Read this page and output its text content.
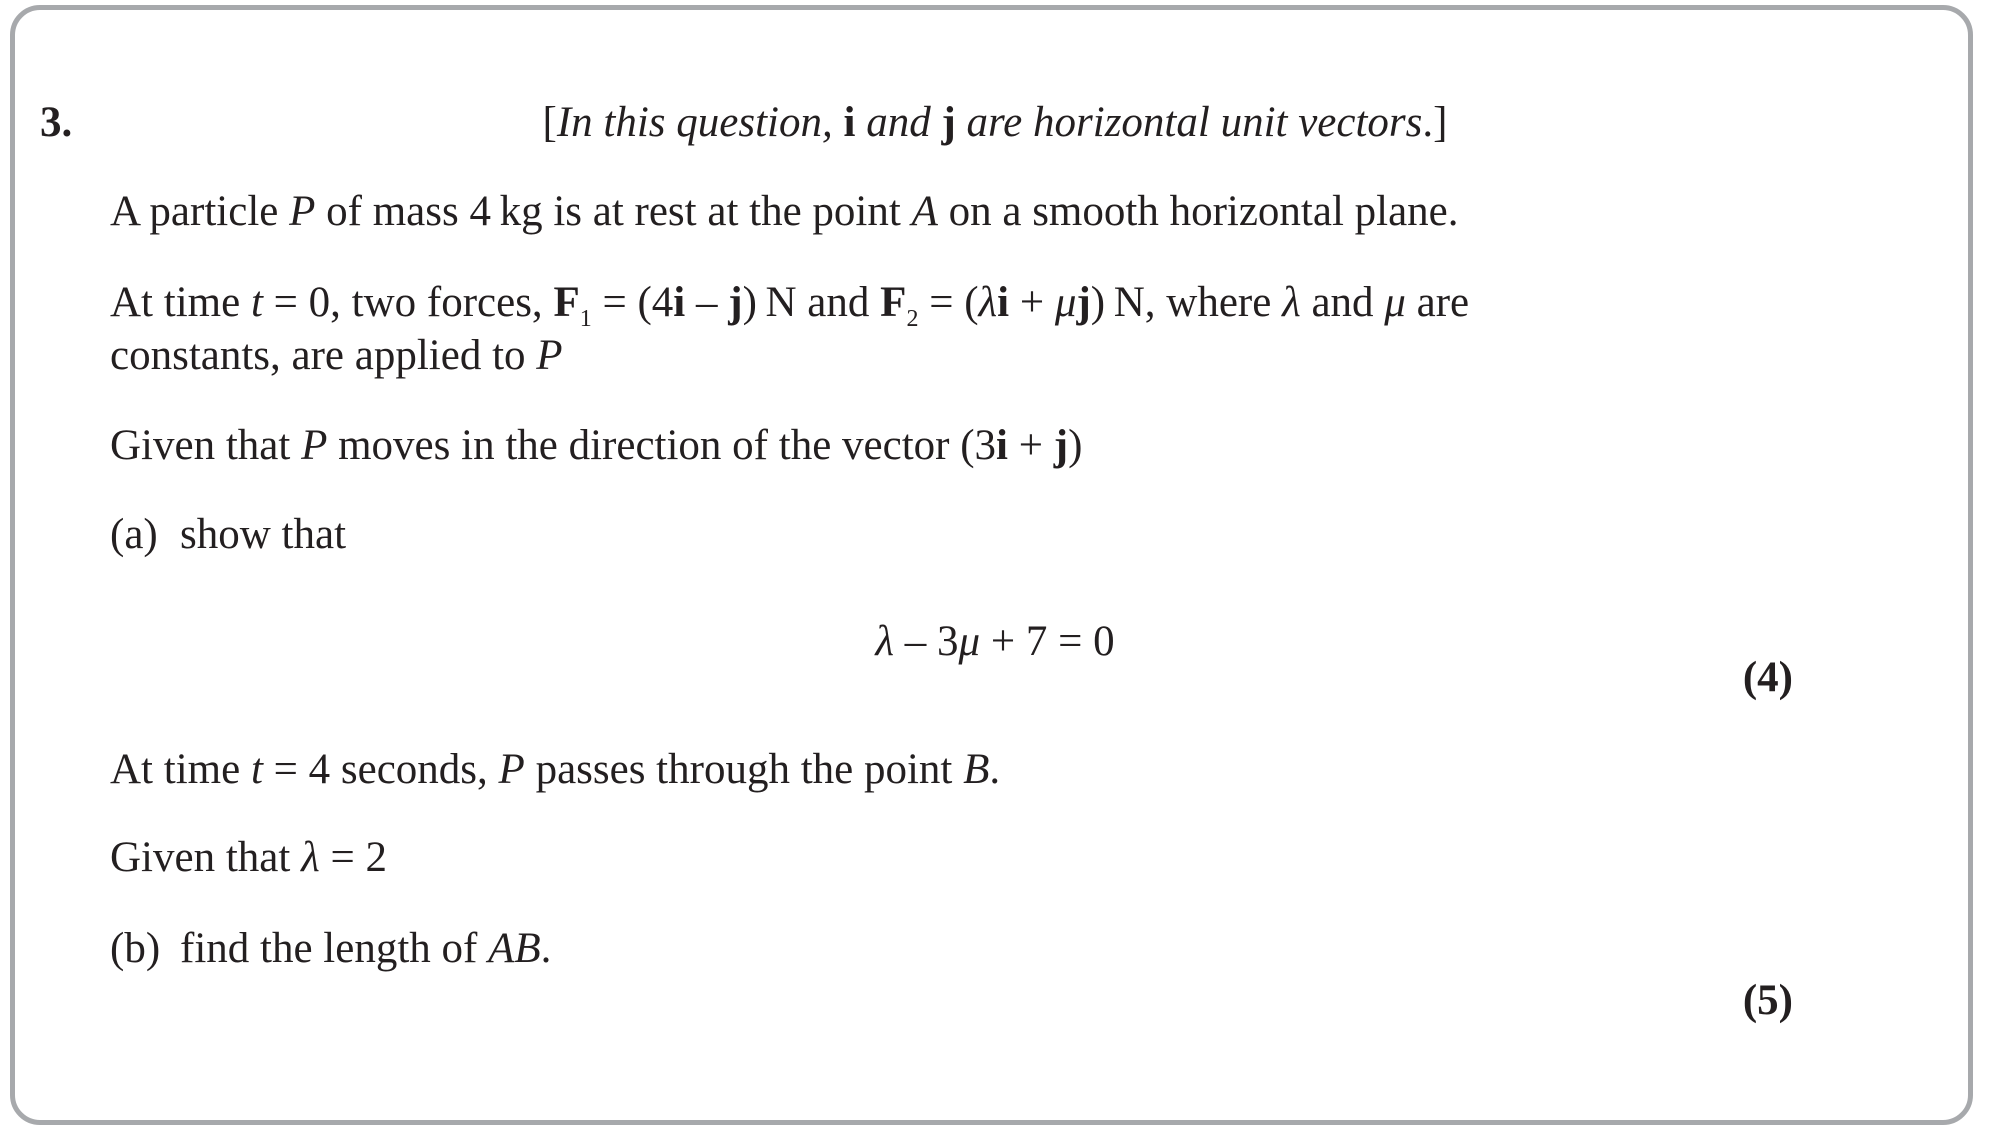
3.	[In this question, i and j are horizontal unit vectors.]
A particle P of mass 4 kg is at rest at the point A on a smooth horizontal plane.
At time t = 0, two forces, $F_1 = (4i - j)$ N and $F_2 = (\lambda i + \mu j)$ N, where λ and μ are
constants, are applied to P
Given that P moves in the direction of the vector (3i + j)
(a) show that
λ – 3μ + 7 = 0
(4)
At time t = 4 seconds, P passes through the point B.
Given that λ = 2
(b) find the length of AB.
(5)
